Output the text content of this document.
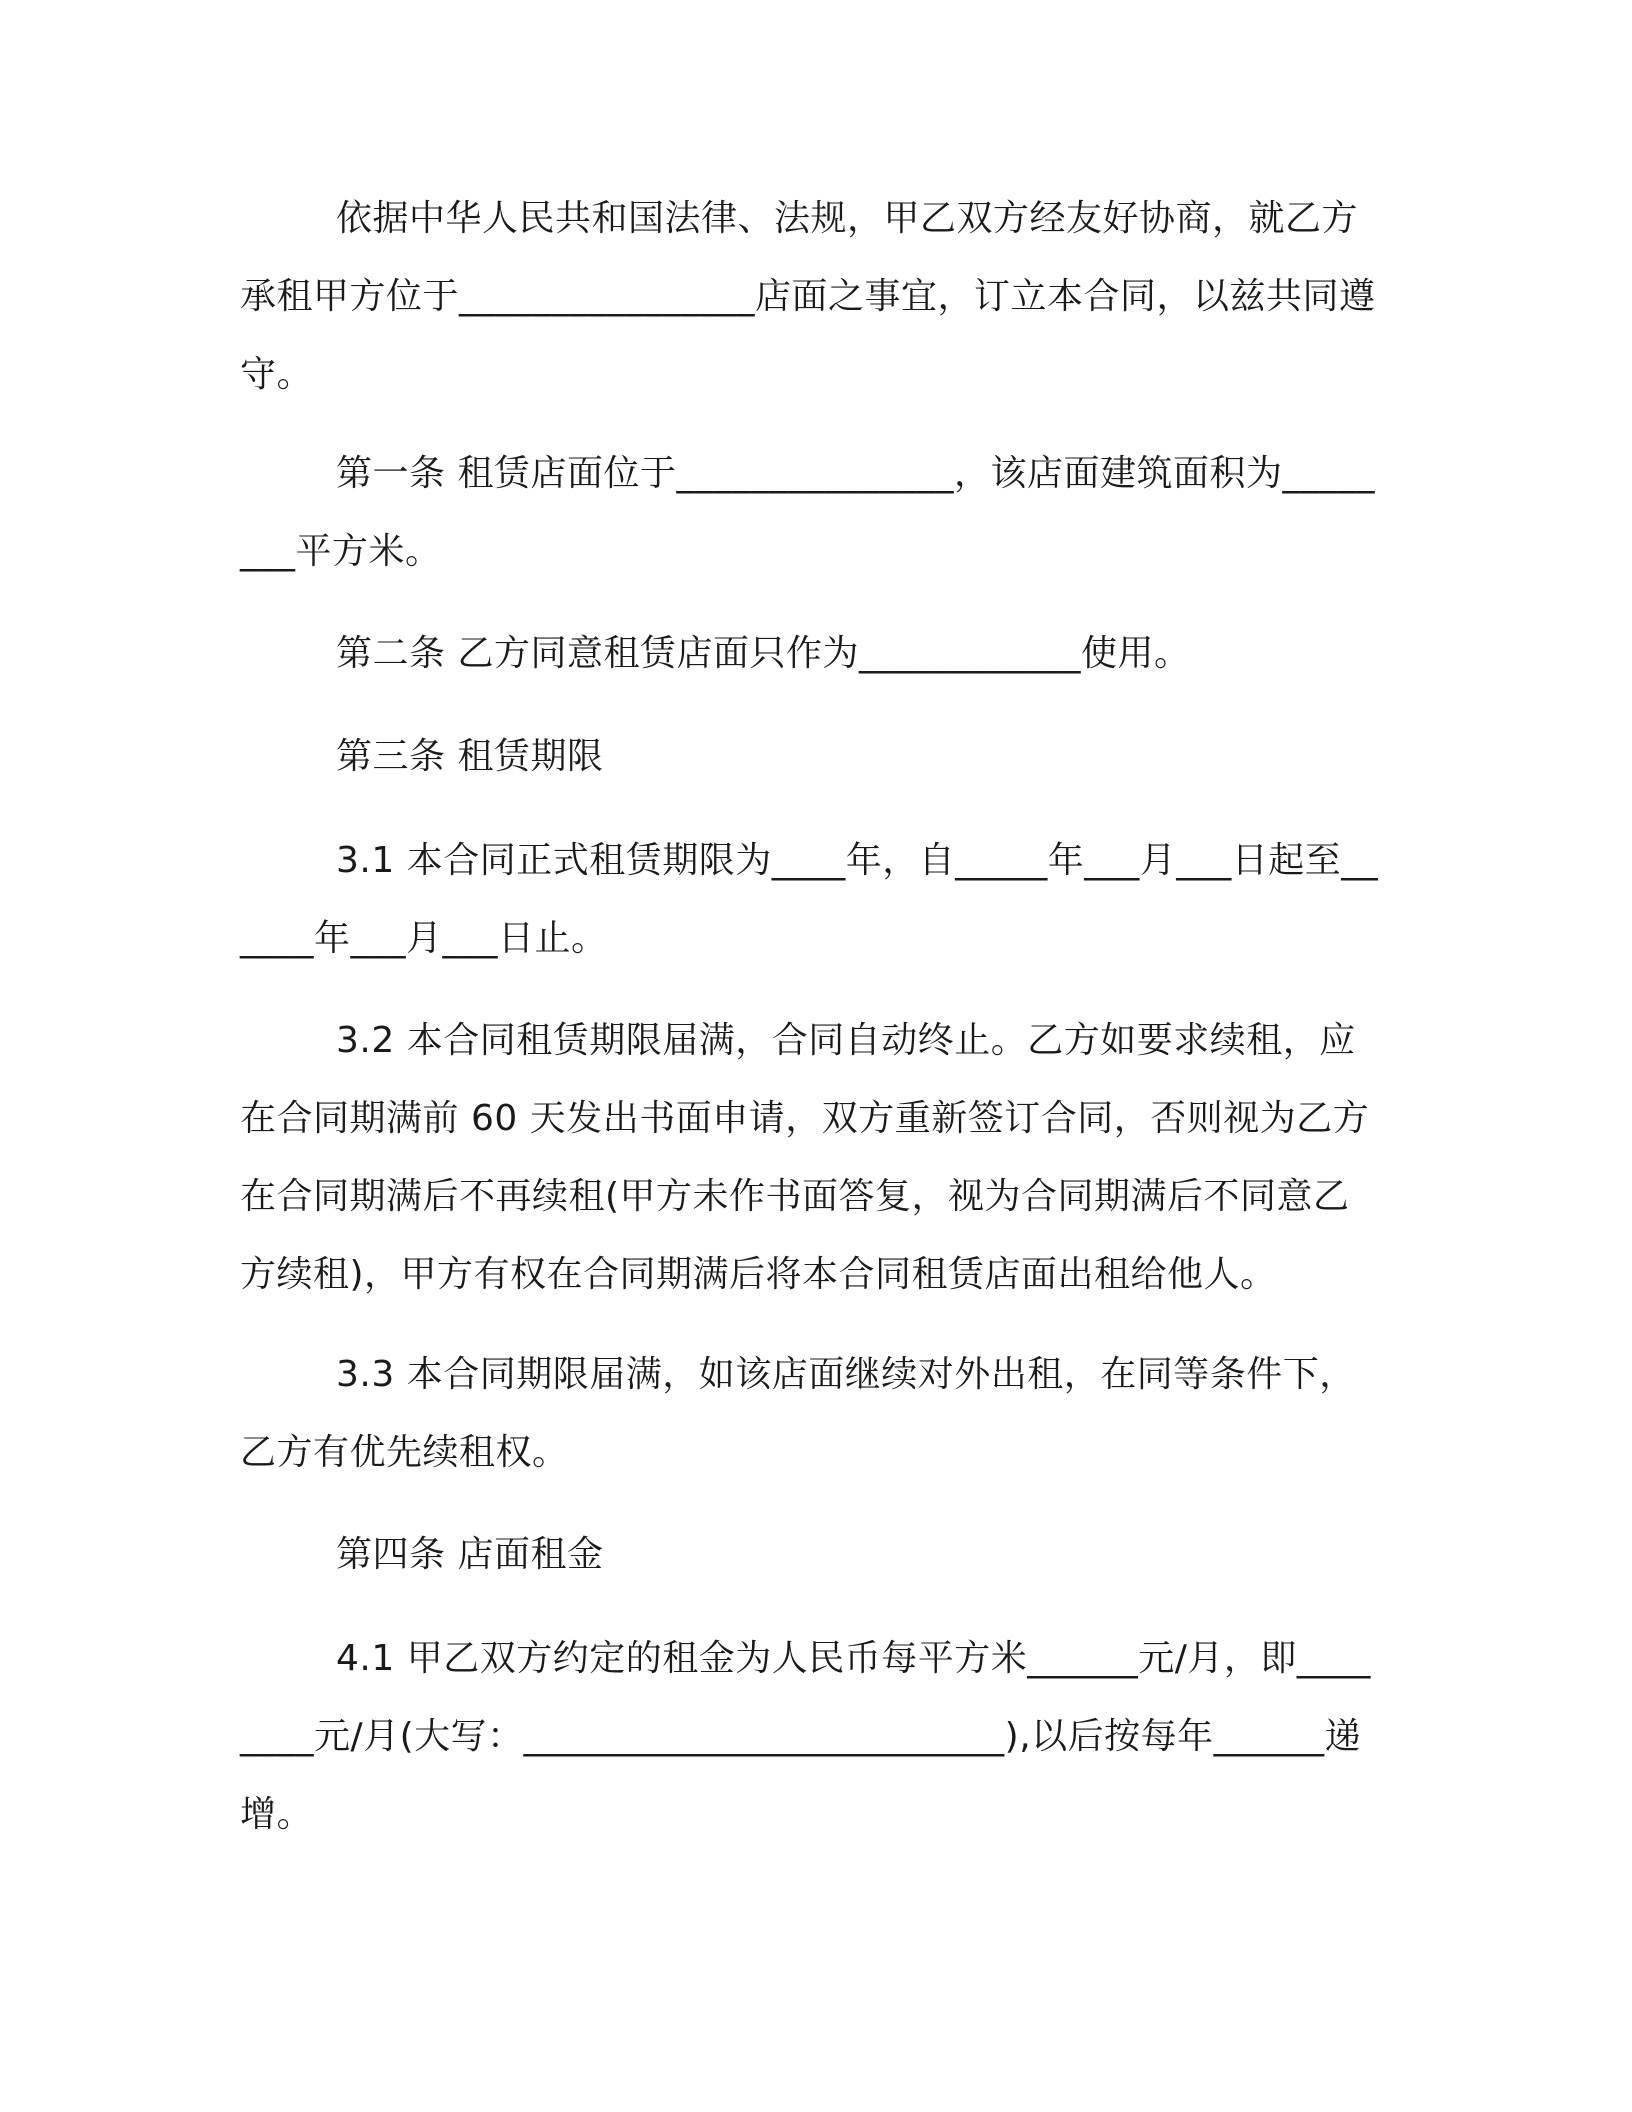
依据中华人民共和国法律、法规，甲乙双方经友好协商，就乙方承租甲方位于________________店面之事宜，订立本合同，以兹共同遵守。

第一条 租赁店面位于_______________，该店面建筑面积为________平方米。

第二条 乙方同意租赁店面只作为____________使用。

第三条 租赁期限

3.1 本合同正式租赁期限为____年，自_____年___月___日起至______年___月___日止。

3.2 本合同租赁期限届满，合同自动终止。乙方如要求续租，应在合同期满前 60 天发出书面申请，双方重新签订合同，否则视为乙方在合同期满后不再续租(甲方未作书面答复，视为合同期满后不同意乙方续租)，甲方有权在合同期满后将本合同租赁店面出租给他人。

3.3 本合同期限届满，如该店面继续对外出租，在同等条件下，乙方有优先续租权。

第四条 店面租金

4.1 甲乙双方约定的租金为人民币每平方米______元/月，即________元/月(大写：__________________________),以后按每年______递增。
